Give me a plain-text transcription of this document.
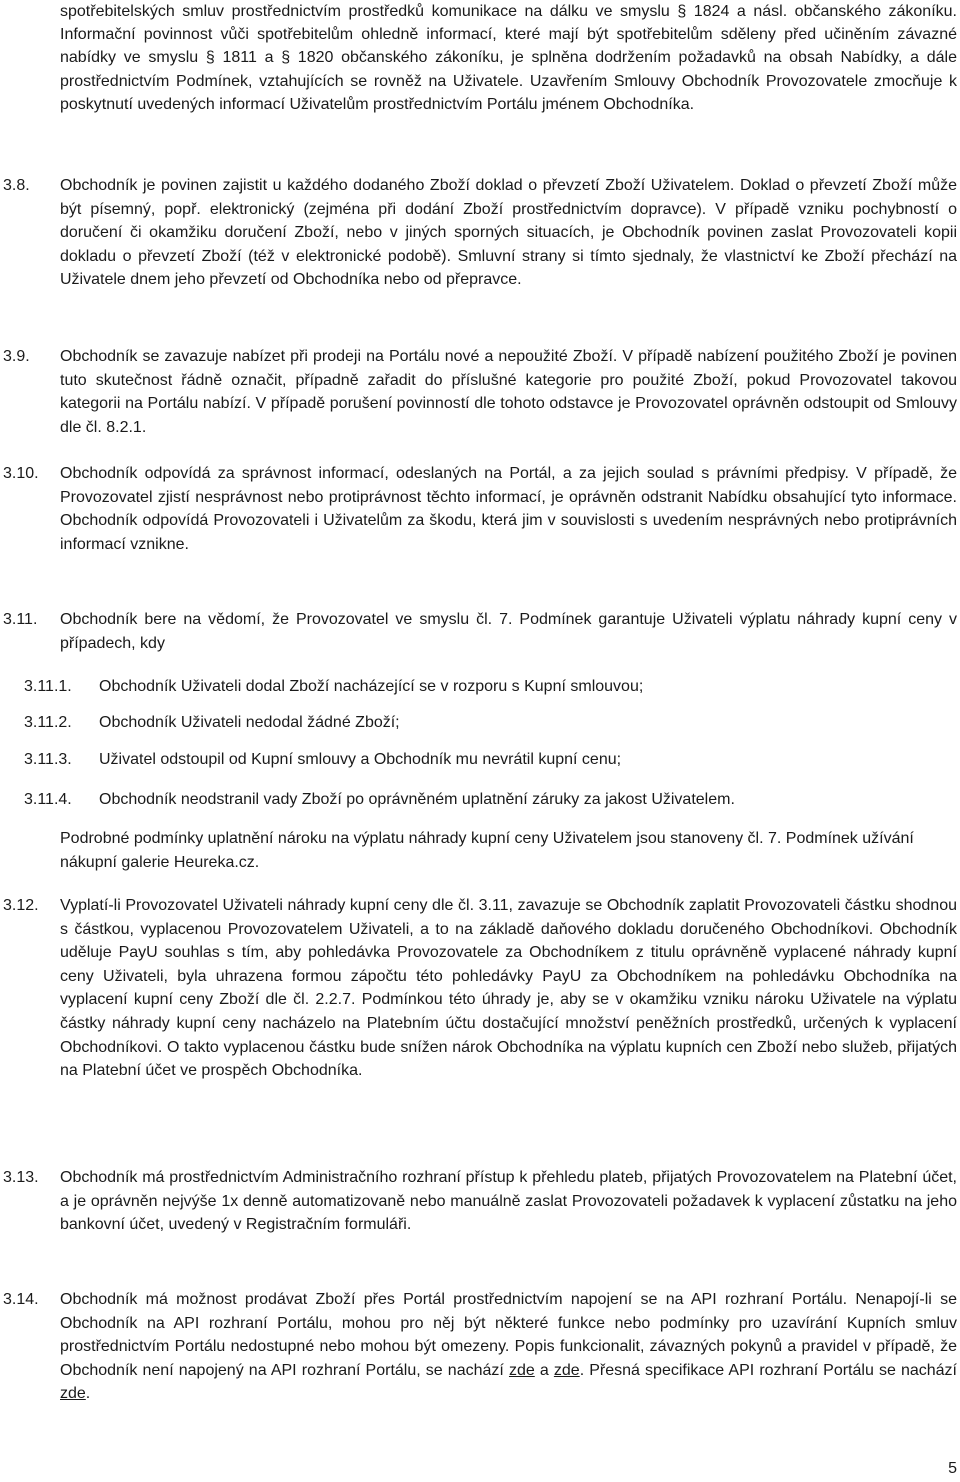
spotřebitelských smluv prostřednictvím prostředků komunikace na dálku ve smyslu § 1824 a násl. občanského zákoníku. Informační povinnost vůči spotřebitelům ohledně informací, které mají být spotřebitelům sděleny před učiněním závazné nabídky ve smyslu § 1811 a § 1820 občanského zákoníku, je splněna dodržením požadavků na obsah Nabídky, a dále prostřednictvím Podmínek, vztahujících se rovněž na Uživatele. Uzavřením Smlouvy Obchodník Provozovatele zmocňuje k poskytnutí uvedených informací Uživatelům prostřednictvím Portálu jménem Obchodníka.
3.8. Obchodník je povinen zajistit u každého dodaného Zboží doklad o převzetí Zboží Uživatelem. Doklad o převzetí Zboží může být písemný, popř. elektronický (zejména při dodání Zboží prostřednictvím dopravce). V případě vzniku pochybností o doručení či okamžiku doručení Zboží, nebo v jiných sporných situacích, je Obchodník povinen zaslat Provozovateli kopii dokladu o převzetí Zboží (též v elektronické podobě). Smluvní strany si tímto sjednaly, že vlastnictví ke Zboží přechází na Uživatele dnem jeho převzetí od Obchodníka nebo od přepravce.
3.9. Obchodník se zavazuje nabízet při prodeji na Portálu nové a nepoužité Zboží. V případě nabízení použitého Zboží je povinen tuto skutečnost řádně označit, případně zařadit do příslušné kategorie pro použité Zboží, pokud Provozovatel takovou kategorii na Portálu nabízí. V případě porušení povinností dle tohoto odstavce je Provozovatel oprávněn odstoupit od Smlouvy dle čl. 8.2.1.
3.10. Obchodník odpovídá za správnost informací, odeslaných na Portál, a za jejich soulad s právními předpisy. V případě, že Provozovatel zjistí nesprávnost nebo protiprávnost těchto informací, je oprávněn odstranit Nabídku obsahující tyto informace. Obchodník odpovídá Provozovateli i Uživatelům za škodu, která jim v souvislosti s uvedením nesprávných nebo protiprávních informací vznikne.
3.11. Obchodník bere na vědomí, že Provozovatel ve smyslu čl. 7. Podmínek garantuje Uživateli výplatu náhrady kupní ceny v případech, kdy
3.11.1. Obchodník Uživateli dodal Zboží nacházející se v rozporu s Kupní smlouvou;
3.11.2. Obchodník Uživateli nedodal žádné Zboží;
3.11.3. Uživatel odstoupil od Kupní smlouvy a Obchodník mu nevrátil kupní cenu;
3.11.4. Obchodník neodstranil vady Zboží po oprávněném uplatnění záruky za jakost Uživatelem.
Podrobné podmínky uplatnění nároku na výplatu náhrady kupní ceny Uživatelem jsou stanoveny čl. 7. Podmínek užívání nákupní galerie Heureka.cz.
3.12. Vyplatí-li Provozovatel Uživateli náhrady kupní ceny dle čl. 3.11, zavazuje se Obchodník zaplatit Provozovateli částku shodnou s částkou, vyplacenou Provozovatelem Uživateli, a to na základě daňového dokladu doručeného Obchodníkovi. Obchodník uděluje PayU souhlas s tím, aby pohledávka Provozovatele za Obchodníkem z titulu oprávněně vyplacené náhrady kupní ceny Uživateli, byla uhrazena formou zápočtu této pohledávky PayU za Obchodníkem na pohledávku Obchodníka na vyplacení kupní ceny Zboží dle čl. 2.2.7. Podmínkou této úhrady je, aby se v okamžiku vzniku nároku Uživatele na výplatu částky náhrady kupní ceny nacházelo na Platebním účtu dostačující množství peněžních prostředků, určených k vyplacení Obchodníkovi. O takto vyplacenou částku bude snížen nárok Obchodníka na výplatu kupních cen Zboží nebo služeb, přijatých na Platební účet ve prospěch Obchodníka.
3.13. Obchodník má prostřednictvím Administračního rozhraní přístup k přehledu plateb, přijatých Provozovatelem na Platební účet, a je oprávněn nejvýše 1x denně automatizovaně nebo manuálně zaslat Provozovateli požadavek k vyplacení zůstatku na jeho bankovní účet, uvedený v Registračním formuláři.
3.14. Obchodník má možnost prodávat Zboží přes Portál prostřednictvím napojení se na API rozhraní Portálu. Nenapojí-li se Obchodník na API rozhraní Portálu, mohou pro něj být některé funkce nebo podmínky pro uzavírání Kupních smluv prostřednictvím Portálu nedostupné nebo mohou být omezeny. Popis funkcionalit, závazných pokynů a pravidel v případě, že Obchodník není napojený na API rozhraní Portálu, se nachází zde a zde. Přesná specifikace API rozhraní Portálu se nachází zde.
5
